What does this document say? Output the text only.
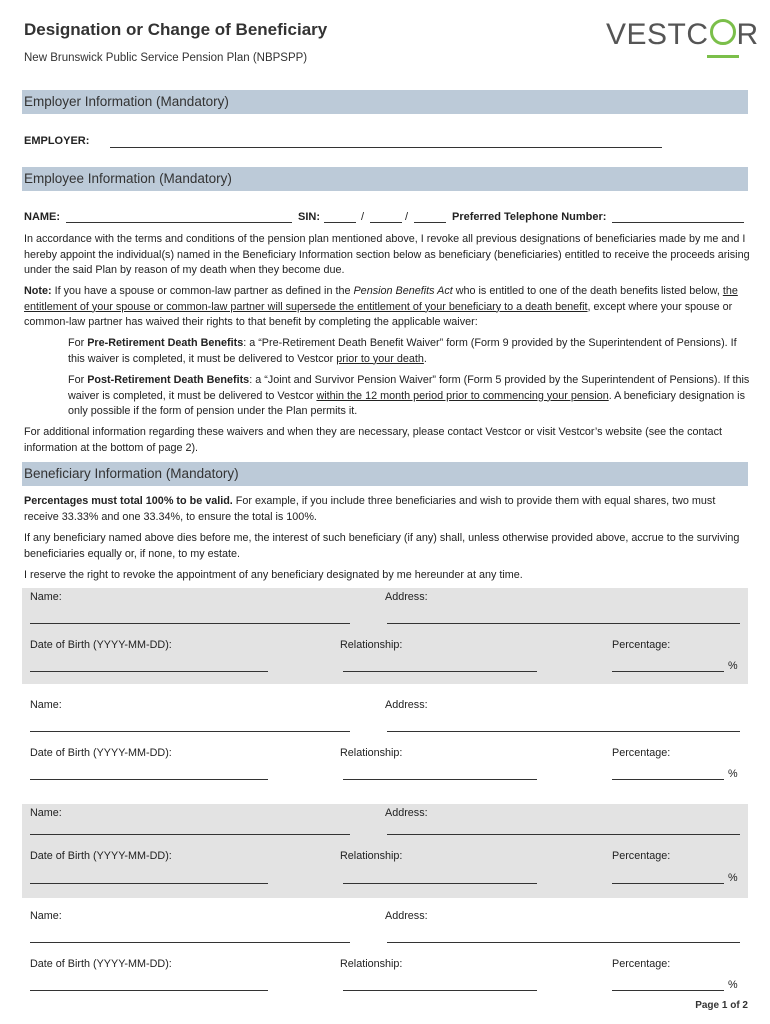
Designation or Change of Beneficiary
New Brunswick Public Service Pension Plan (NBPSPP)
VESTC R
Employer Information (Mandatory)
EMPLOYER:
Employee Information (Mandatory)
NAME:	SIN:	/	/	Preferred Telephone Number:
In accordance with the terms and conditions of the pension plan mentioned above, I revoke all previous designations of beneficiaries made by me and I hereby appoint the individual(s) named in the Beneficiary Information section below as beneficiary (beneficiaries) entitled to receive the proceeds arising under the said Plan by reason of my death when they become due.
Note: If you have a spouse or common-law partner as defined in the Pension Benefits Act who is entitled to one of the death benefits listed below, the entitlement of your spouse or common-law partner will supersede the entitlement of your beneficiary to a death benefit, except where your spouse or common-law partner has waived their rights to that benefit by completing the applicable waiver:
For Pre-Retirement Death Benefits: a “Pre-Retirement Death Benefit Waiver” form (Form 9 provided by the Superintendent of Pensions). If this waiver is completed, it must be delivered to Vestcor prior to your death.
For Post-Retirement Death Benefits: a “Joint and Survivor Pension Waiver” form (Form 5 provided by the Superintendent of Pensions). If this waiver is completed, it must be delivered to Vestcor within the 12 month period prior to commencing your pension. A beneficiary designation is only possible if the form of pension under the Plan permits it.
For additional information regarding these waivers and when they are necessary, please contact Vestcor or visit Vestcor’s website (see the contact information at the bottom of page 2).
Beneficiary Information (Mandatory)
Percentages must total 100% to be valid. For example, if you include three beneficiaries and wish to provide them with equal shares, two must receive 33.33% and one 33.34%, to ensure the total is 100%.
If any beneficiary named above dies before me, the interest of such beneficiary (if any) shall, unless otherwise provided above, accrue to the surviving beneficiaries equally or, if none, to my estate.
I reserve the right to revoke the appointment of any beneficiary designated by me hereunder at any time.
Name:	Address:
Date of Birth (YYYY-MM-DD):	Relationship:	Percentage:
%
Name:	Address:
Date of Birth (YYYY-MM-DD):	Relationship:	Percentage:
%
Name:	Address:
Date of Birth (YYYY-MM-DD):	Relationship:	Percentage:
%
Name:	Address:
Date of Birth (YYYY-MM-DD):	Relationship:	Percentage:
%
Page 1 of 2
